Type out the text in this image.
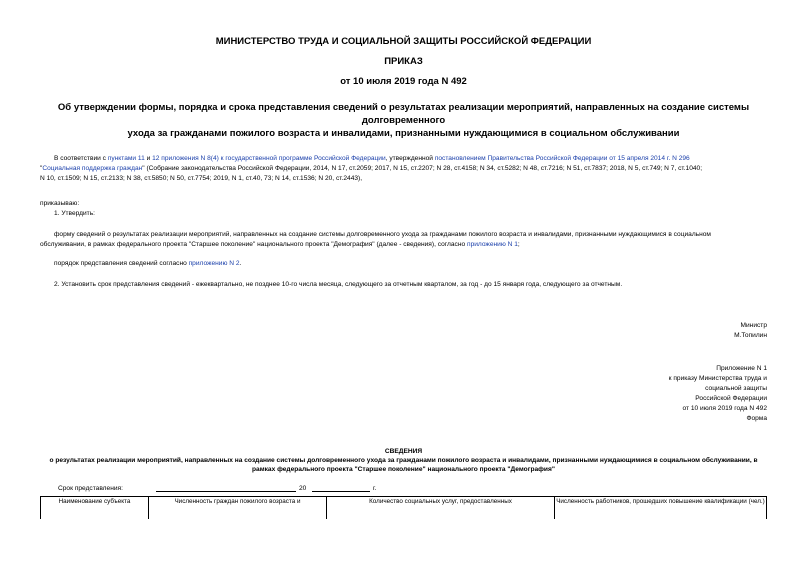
МИНИСТЕРСТВО ТРУДА И СОЦИАЛЬНОЙ ЗАЩИТЫ РОССИЙСКОЙ ФЕДЕРАЦИИ
ПРИКАЗ
от 10 июля 2019 года N 492
Об утверждении формы, порядка и срока представления сведений о результатах реализации мероприятий, направленных на создание системы долговременного
ухода за гражданами пожилого возраста и инвалидами, признанными нуждающимися в социальном обслуживании
В соответствии с пунктами 11 и 12 приложения N 8(4) к государственной программе Российской Федерации, утвержденной постановлением Правительства Российской Федерации от 15 апреля 2014 г. N 296
"Социальная поддержка граждан" (Собрание законодательства Российской Федерации, 2014, N 17, ст.2059; 2017, N 15, ст.2207; N 28, ст.4158; N 34, ст.5282; N 48, ст.7216; N 51, ст.7837; 2018, N 5, ст.749; N 7, ст.1040;
N 10, ст.1509; N 15, ст.2133; N 38, ст.5850; N 50, ст.7754; 2019, N 1, ст.40, 73; N 14, ст.1536; N 20, ст.2443),
приказываю:
1. Утвердить:
форму сведений о результатах реализации мероприятий, направленных на создание системы долговременного ухода за гражданами пожилого возраста и инвалидами, признанными нуждающимися в социальном
обслуживании, в рамках федерального проекта "Старшее поколение" национального проекта "Демография" (далее - сведения), согласно приложению N 1;
порядок представления сведений согласно приложению N 2.
2. Установить срок представления сведений - ежеквартально, не позднее 10-го числа месяца, следующего за отчетным кварталом, за год - до 15 января года, следующего за отчетным.
Министр
М.Топилин
Приложение N 1
к приказу Министерства труда и
социальной защиты
Российской Федерации
от 10 июля 2019 года N 492
Форма
СВЕДЕНИЯ
о результатах реализации мероприятий, направленных на создание системы долговременного ухода за гражданами пожилого возраста и инвалидами, признанными нуждающимися в социальном обслуживании, в
рамках федерального проекта "Старшее поколение" национального проекта "Демография"
Срок представления:	20	г.
Наименование субъекта	Численность граждан пожилого возраста и	Количество социальных услуг, предоставленных	Численность работников, прошедших повышение квалификации (чел.)
